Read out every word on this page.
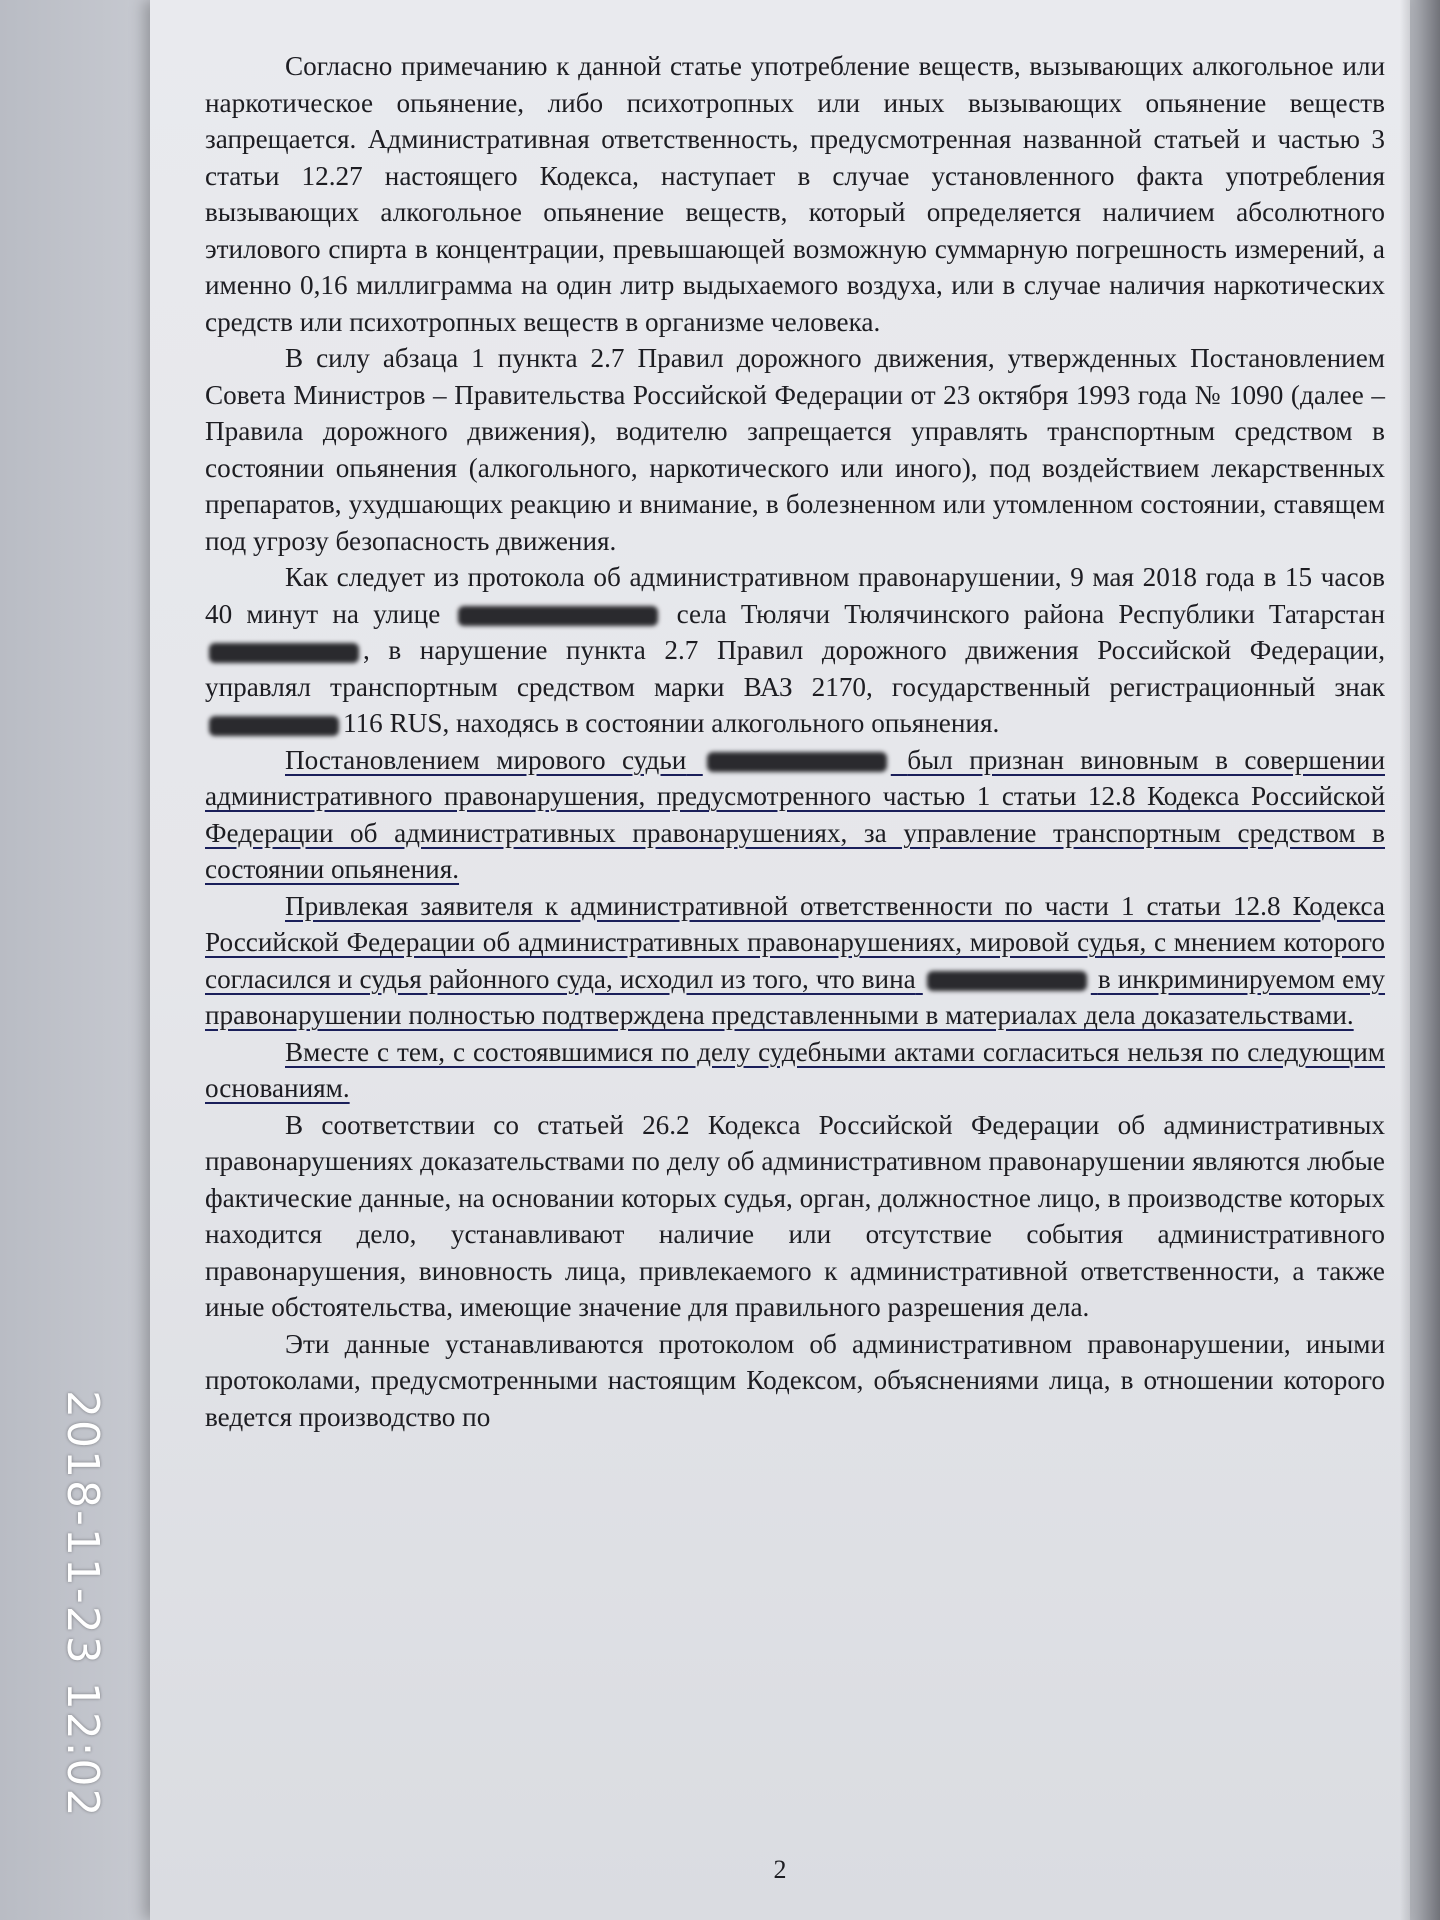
Согласно примечанию к данной статье употребление веществ, вызывающих алкогольное или наркотическое опьянение, либо психотропных или иных вызывающих опьянение веществ запрещается. Административная ответственность, предусмотренная названной статьей и частью 3 статьи 12.27 настоящего Кодекса, наступает в случае установленного факта употребления вызывающих алкогольное опьянение веществ, который определяется наличием абсолютного этилового спирта в концентрации, превышающей возможную суммарную погрешность измерений, а именно 0,16 миллиграмма на один литр выдыхаемого воздуха, или в случае наличия наркотических средств или психотропных веществ в организме человека.

В силу абзаца 1 пункта 2.7 Правил дорожного движения, утвержденных Постановлением Совета Министров – Правительства Российской Федерации от 23 октября 1993 года № 1090 (далее – Правила дорожного движения), водителю запрещается управлять транспортным средством в состоянии опьянения (алкогольного, наркотического или иного), под воздействием лекарственных препаратов, ухудшающих реакцию и внимание, в болезненном или утомленном состоянии, ставящем под угрозу безопасность движения.

Как следует из протокола об административном правонарушении, 9 мая 2018 года в 15 часов 40 минут на улице	села Тюлячи Тюлячинского района Республики Татарстан , в нарушение пункта 2.7 Правил дорожного движения Российской Федерации, управлял транспортным средством марки ВАЗ 2170, государственный регистрационный знак 116 RUS, находясь в состоянии алкогольного опьянения.

Постановлением мирового судьи	был признан виновным в совершении административного правонарушения, предусмотренного частью 1 статьи 12.8 Кодекса Российской Федерации об административных правонарушениях, за управление транспортным средством в состоянии опьянения.

Привлекая заявителя к административной ответственности по части 1 статьи 12.8 Кодекса Российской Федерации об административных правонарушениях, мировой судья, с мнением которого согласился и судья районного суда, исходил из того, что вина	в инкриминируемом ему правонарушении полностью подтверждена представленными в материалах дела доказательствами.

Вместе с тем, с состоявшимися по делу судебными актами согласиться нельзя по следующим основаниям.

В соответствии со статьей 26.2 Кодекса Российской Федерации об административных правонарушениях доказательствами по делу об административном правонарушении являются любые фактические данные, на основании которых судья, орган, должностное лицо, в производстве которых находится дело, устанавливают наличие или отсутствие события административного правонарушения, виновность лица, привлекаемого к административной ответственности, а также иные обстоятельства, имеющие значение для правильного разрешения дела.

Эти данные устанавливаются протоколом об административном правонарушении, иными протоколами, предусмотренными настоящим Кодексом, объяснениями лица, в отношении которого ведется производство по

2
2018-11-23 12:02
